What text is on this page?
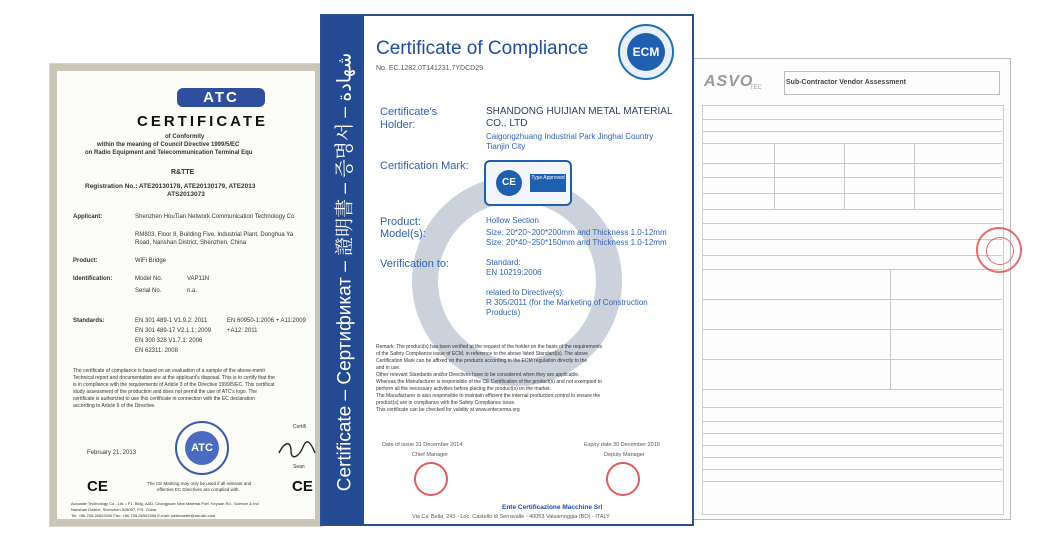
ATC
CERTIFICATE
of Conformity
within the meaning of Council Directive 1999/5/EC
on Radio Equipment and Telecommunication Terminal Equ
R&TTE
Registration No.: ATE20130178, ATE20130179, ATE2013
ATS2013073
Applicant:	Shenzhen HouTian Network Communication Technology Co
RM803, Floor 8, Building Five, Industrial Plant, Donghua Ya
Road, Nanshan District, Shenzhen, China
Product:	WiFi Bridge
Identification:	Model No.	VAP11N
Serial No.	n.a.
Standards:	EN 301 489-1 V1.9.2: 2011
EN 301 489-17 V2.1.1: 2009
EN 300 328 V1.7.1: 2006
EN 62311: 2008
EN 60950-1:2006 + A11:2009
+A12: 2011
The certificate of compliance is based on an evaluation of a sample of the above-menti
Technical report and documentation are at the applicant's disposal. This is to certify that the
is in compliance with the requirements of Article 3 of the Directive 1999/5/EC. This certificat
study assessment of the production and does not permit the use of ATC's logo. The
certificate is authorized to use this certificate in connection with the EC declaration
according to Article 6 of the Directive.
Certifi
February 21, 2013	ATC
Sean
CE	The CE Marking may only be used if all relevant and
effective EC Directives are complied with.	CE
Accurate Technology Co., Ltd. • F1, Bldg. A&D, Changyuan New Material Port, Keyuan Rd., Science & Ind
Nanshan District, Shenzhen 518057, P.R. China
Tel: +86-755-26503290 Fax: +86-755-26503396 E-mail: webmaster@atc-lab.com
ASVO
TEC
Sub-Contractor Vendor Assessment
Certificate – Сертификат – 證明書 – 증명서 – شهادة
Certificate of Compliance
No. EC.1282.0T141231.7YDCD29
ECM
Certificate's
Holder:
SHANDONG HUIJIAN METAL MATERIAL
CO., LTD
Caigongzhuang Industrial Park Jinghai Country
Tianjin City
Certification Mark:
CE	Type Approved
Product:
Model(s):
Hollow Section
Size: 20*20~200*200mm and Thickness 1.0-12mm
Size: 20*40~250*150mm and Thickness 1.0-12mm
Verification to:	Standard:
EN 10219:2006
related to Directive(s):
R 305/2011 (for the Marketing of Construction
Products)
Remark: The product(s) has been verified at the request of the holder on the basis of the requirements
of the Safety Compliance issue of ECM, in reference to the above listed Standard(s). The above
Certification Mark can be affixed on the products according to the ECM regulation directly to the
and in use.
Other relevant Standards and/or Directives have to be considered when they are applicable.
Whereas the Manufacturer is responsible of the CE Certification of the product(s) and not exempted to
perform all the necessary activities before placing the product(s) on the market.
The Manufacturer is also responsible to maintain efficient the internal production control to ensure the
product(s) are in compliance with the Safety Compliance issue.
This certificate can be checked for validity at www.entecerma.org
Date of issue 31 December 2014	Expiry date 30 December 2019
Chief Manager	Deputy Manager
Ente Certificazione Macchine Srl
Via Ca' Bella, 243 - Loc. Castello di Serravalle - 40053 Valsamoggia (BO) - ITALY
